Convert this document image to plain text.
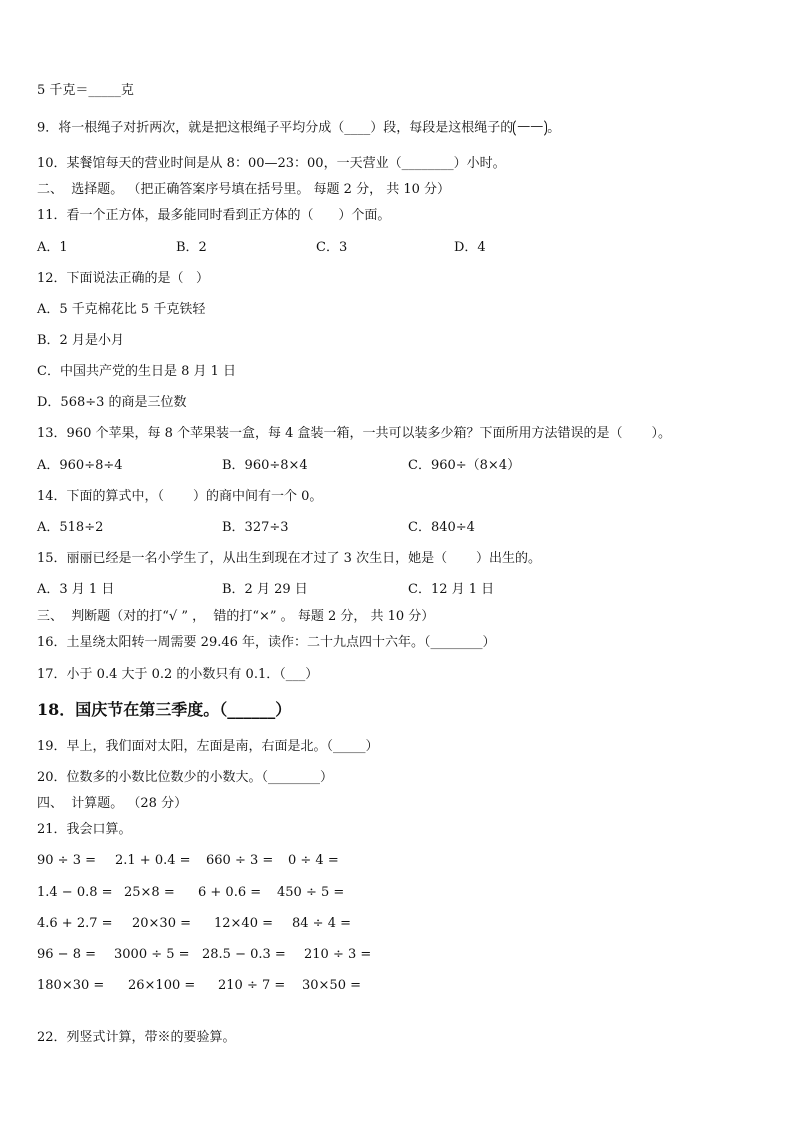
5 千克＝_____克
9．将一根绳子对折两次，就是把这根绳子平均分成（____）段，每段是这根绳子的 —— 。
10．某餐馆每天的营业时间是从 8：00—23：00，一天营业（________）小时。
二、  选择题。 （把正确答案序号填在括号里。 每题 2 分， 共 10 分）
11．看一个正方体，最多能同时看到正方体的（      ）个面。
A．1	B．2	C．3	D．4
12．下面说法正确的是（   ）
A．5 千克棉花比 5 千克铁轻
B．2 月是小月
C．中国共产党的生日是 8 月 1 日
D．568÷3 的商是三位数
13．960 个苹果，每 8 个苹果装一盒，每 4 盒装一箱，一共可以装多少箱？下面所用方法错误的是（       ）。
A．960÷8÷4	B．960÷8×4	C．960÷（8×4）
14．下面的算式中，（       ）的商中间有一个 0。
A．518÷2	B．327÷3	C．840÷4
15．丽丽已经是一名小学生了，从出生到现在才过了 3 次生日，她是（       ）出生的。
A．3 月 1 日	B．2 月 29 日	C．12 月 1 日
三、  判断题（对的打“√ ” ，  错的打“×” 。 每题 2 分， 共 10 分）
16．土星绕太阳转一周需要 29.46 年，读作：二十九点四十六年。（________）
17．小于 0.4 大于 0.2 的小数只有 0.1．（___）
18．国庆节在第三季度。（______）
19．早上，我们面对太阳，左面是南，右面是北。（_____）
20．位数多的小数比位数少的小数大。（________）
四、  计算题。 （28 分）
21．我会口算。
90 ÷ 3 = 2.1 + 0.4 = 660 ÷ 3 = 0 ÷ 4 =
1.4 − 0.8 = 25×8 = 6 + 0.6 = 450 ÷ 5 =
4.6 + 2.7 = 20×30 = 12×40 = 84 ÷ 4 =
96 − 8 = 3000 ÷ 5 = 28.5 − 0.3 = 210 ÷ 3 =
180×30 = 26×100 = 210 ÷ 7 = 30×50 =
22．列竖式计算，带※的要验算。
